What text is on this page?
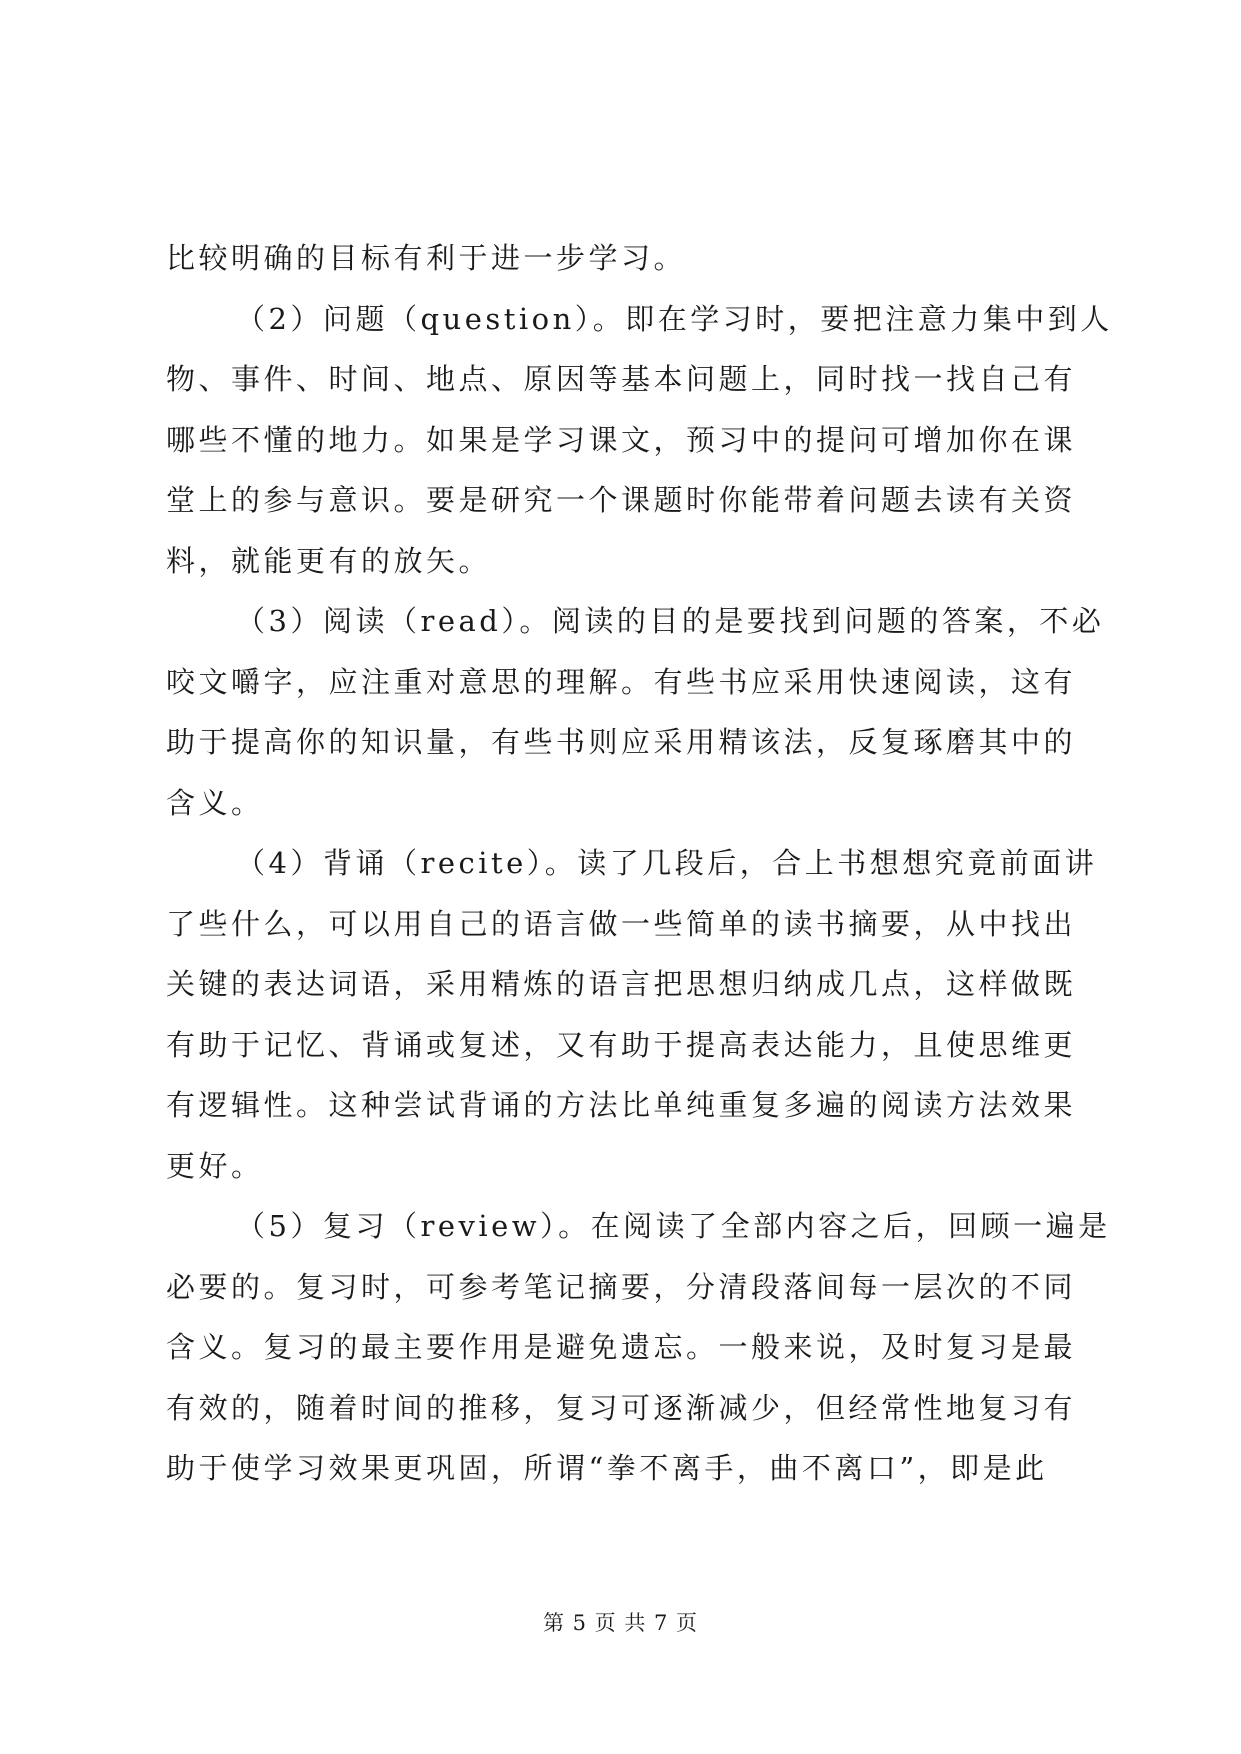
比较明确的目标有利于进一步学习。
（2）问题（question）。即在学习时，要把注意力集中到人
物、事件、时间、地点、原因等基本问题上，同时找一找自己有
哪些不懂的地力。如果是学习课文，预习中的提问可增加你在课
堂上的参与意识。要是研究一个课题时你能带着问题去读有关资
料，就能更有的放矢。
（3）阅读（read）。阅读的目的是要找到问题的答案，不必
咬文嚼字，应注重对意思的理解。有些书应采用快速阅读，这有
助于提高你的知识量，有些书则应采用精该法，反复琢磨其中的
含义。
（4）背诵（recite）。读了几段后，合上书想想究竟前面讲
了些什么，可以用自己的语言做一些简单的读书摘要，从中找出
关键的表达词语，采用精炼的语言把思想归纳成几点，这样做既
有助于记忆、背诵或复述，又有助于提高表达能力，且使思维更
有逻辑性。这种尝试背诵的方法比单纯重复多遍的阅读方法效果
更好。
（5）复习（review）。在阅读了全部内容之后，回顾一遍是
必要的。复习时，可参考笔记摘要，分清段落间每一层次的不同
含义。复习的最主要作用是避免遗忘。一般来说，及时复习是最
有效的，随着时间的推移，复习可逐渐减少，但经常性地复习有
助于使学习效果更巩固，所谓“拳不离手，曲不离口”，即是此
第 5 页 共 7 页
